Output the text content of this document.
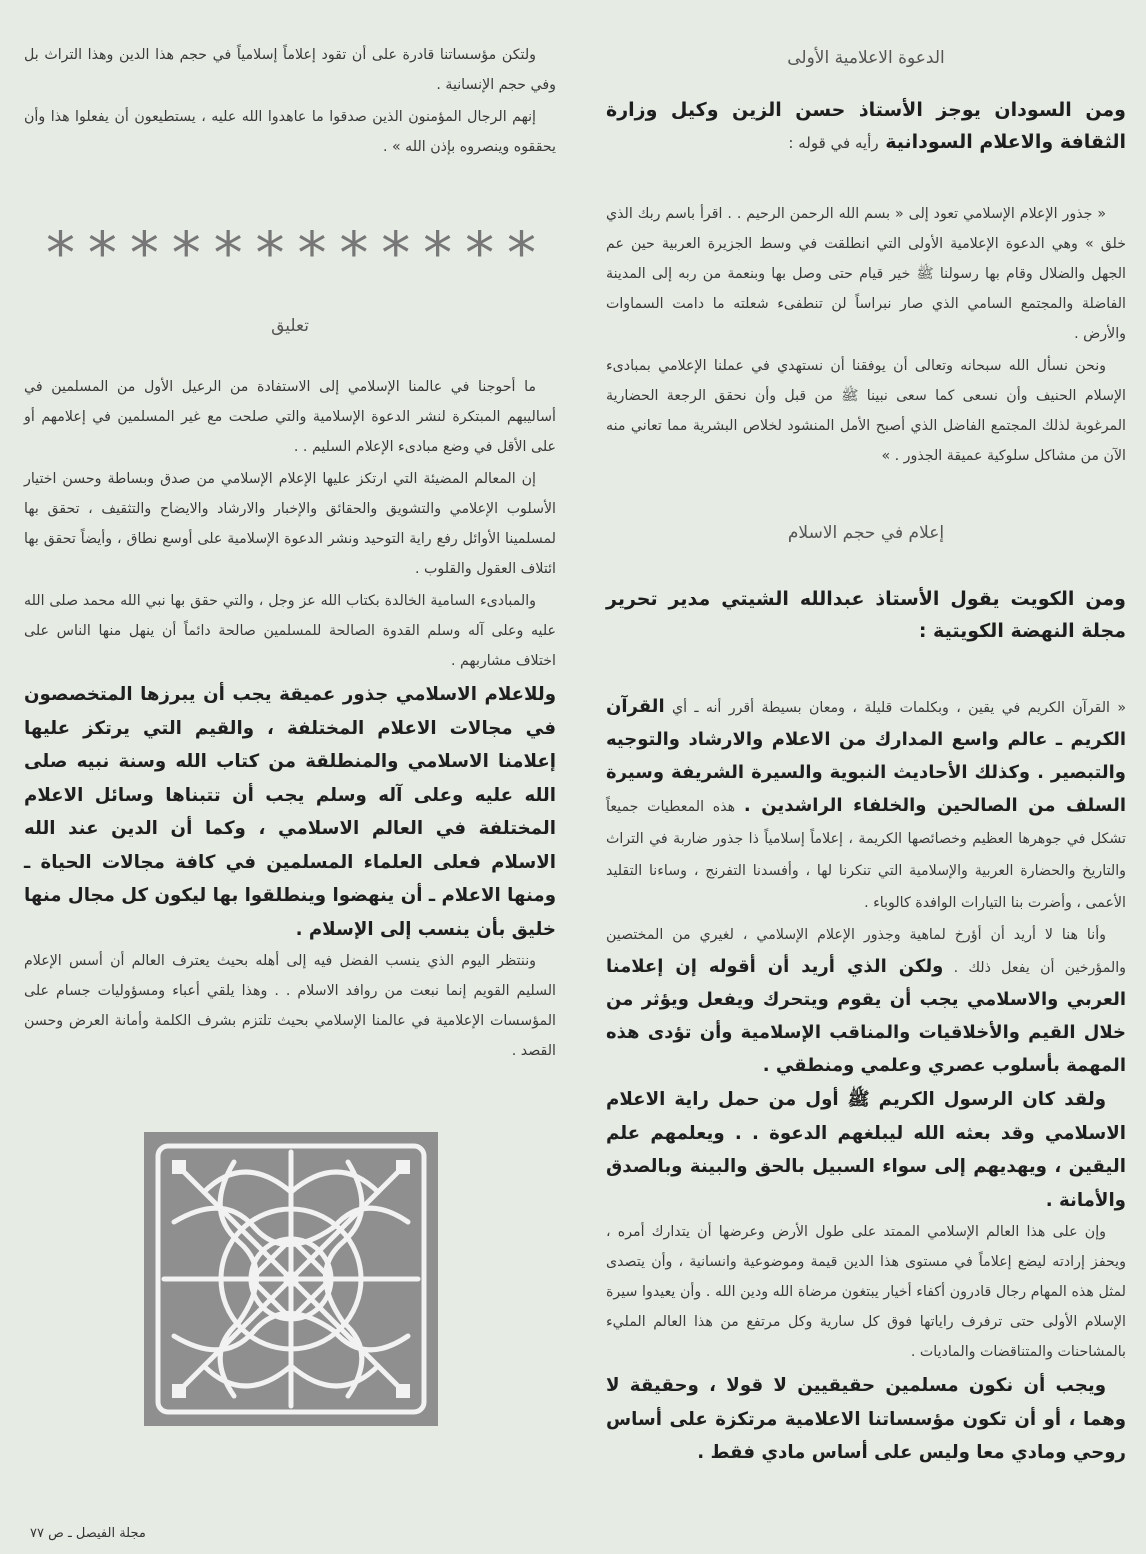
الدعوة الاعلامية الأولى
ومن السودان يوجز الأستاذ حسن الزين وكيل وزارة الثقافة والاعلام السودانية رأيه في قوله :

« جذور الإعلام الإسلامي تعود إلى « بسم الله الرحمن الرحيم . . اقرأ باسم ربك الذي خلق » وهي الدعوة الإعلامية الأولى التي انطلقت في وسط الجزيرة العربية حين عم الجهل والضلال وقام بها رسولنا ﷺ خير قيام حتى وصل بها وبنعمة من ربه إلى المدينة الفاضلة والمجتمع السامي الذي صار نبراساً لن تنطفىء شعلته ما دامت السماوات والأرض .

ونحن نسأل الله سبحانه وتعالى أن يوفقنا أن نستهدي في عملنا الإعلامي بمبادىء الإسلام الحنيف وأن نسعى كما سعى نبينا ﷺ من قبل وأن نحقق الرجعة الحضارية المرغوبة لذلك المجتمع الفاضل الذي أصبح الأمل المنشود لخلاص البشرية مما تعاني منه الآن من مشاكل سلوكية عميقة الجذور . »

إعلام في حجم الاسلام
ومن الكويت يقول الأستاذ عبدالله الشيتي مدير تحرير مجلة النهضة الكويتية :
« القرآن الكريم في يقين ، وبكلمات قليلة ، ومعان بسيطة أقرر أنه ـ أي القرآن الكريم ـ عالم واسع المدارك من الاعلام والارشاد والتوجيه والتبصير . وكذلك الأحاديث النبوية والسيرة الشريفة وسيرة السلف من الصالحين والخلفاء الراشدين . هذه المعطيات جميعاً تشكل في جوهرها العظيم وخصائصها الكريمة ، إعلاماً إسلامياً ذا جذور ضاربة في التراث والتاريخ والحضارة العربية والإسلامية التي تنكرنا لها ، وأفسدنا التفرنج ، وساءنا التقليد الأعمى ، وأضرت بنا التيارات الوافدة كالوباء .
وأنا هنا لا أريد أن أؤرخ لماهية وجذور الإعلام الإسلامي ، لغيري من المختصين والمؤرخين أن يفعل ذلك . ولكن الذي أريد أن أقوله إن إعلامنا العربي والاسلامي يجب أن يقوم ويتحرك ويفعل ويؤثر من خلال القيم والأخلاقيات والمناقب الإسلامية وأن تؤدى هذه المهمة بأسلوب عصري وعلمي ومنطقي .

ولقد كان الرسول الكريم ﷺ أول من حمل راية الاعلام الاسلامي وقد بعثه الله ليبلغهم الدعوة . . ويعلمهم علم اليقين ، ويهديهم إلى سواء السبيل بالحق والبينة وبالصدق والأمانة .

وإن على هذا العالم الإسلامي الممتد على طول الأرض وعرضها أن يتدارك أمره ، ويحفز إرادته ليضع إعلاماً في مستوى هذا الدين قيمة وموضوعية وانسانية ، وأن يتصدى لمثل هذه المهام رجال قادرون أكفاء أخيار يبتغون مرضاة الله ودين الله . وأن يعيدوا سيرة الإسلام الأولى حتى ترفرف راياتها فوق كل سارية وكل مرتفع من هذا العالم المليء بالمشاحنات والمتناقضات والماديات .

ويجب أن نكون مسلمين حقيقيين لا قولا ، وحقيقة لا وهما ، أو أن تكون مؤسساتنا الاعلامية مرتكزة على أساس روحي ومادي معا وليس على أساس مادي فقط .

ولتكن مؤسساتنا قادرة على أن تقود إعلاماً إسلامياً في حجم هذا الدين وهذا التراث بل وفي حجم الإنسانية .

إنهم الرجال المؤمنون الذين صدقوا ما عاهدوا الله عليه ، يستطيعون أن يفعلوا هذا وأن يحققوه وينصروه بإذن الله » .

* * * * * * * * * * * *
تعليق

ما أحوجنا في عالمنا الإسلامي إلى الاستفادة من الرعيل الأول من المسلمين في أساليبهم المبتكرة لنشر الدعوة الإسلامية والتي صلحت مع غير المسلمين في إعلامهم أو على الأقل في وضع مبادىء الإعلام السليم . .

إن المعالم المضيئة التي ارتكز عليها الإعلام الإسلامي من صدق وبساطة وحسن اختيار الأسلوب الإعلامي والتشويق والحقائق والإخبار والارشاد والايضاح والتثقيف ، تحقق بها لمسلمينا الأوائل رفع راية التوحيد ونشر الدعوة الإسلامية على أوسع نطاق ، وأيضاً تحقق بها ائتلاف العقول والقلوب .

والمبادىء السامية الخالدة بكتاب الله عز وجل ، والتي حقق بها نبي الله محمد صلى الله عليه وعلى آله وسلم القدوة الصالحة للمسلمين صالحة دائماً أن ينهل منها الناس على اختلاف مشاربهم .

وللاعلام الاسلامي جذور عميقة يجب أن يبرزها المتخصصون في مجالات الاعلام المختلفة ، والقيم التي يرتكز عليها إعلامنا الاسلامي والمنطلقة من كتاب الله وسنة نبيه صلى الله عليه وعلى آله وسلم يجب أن تتبناها وسائل الاعلام المختلفة في العالم الاسلامي ، وكما أن الدين عند الله الاسلام فعلى العلماء المسلمين في كافة مجالات الحياة ـ ومنها الاعلام ـ أن ينهضوا وينطلقوا بها ليكون كل مجال منها خليق بأن ينسب إلى الإسلام .

وننتظر اليوم الذي ينسب الفضل فيه إلى أهله بحيث يعترف العالم أن أسس الإعلام السليم القويم إنما نبعت من روافد الاسلام . . وهذا يلقي أعباء ومسؤوليات جسام على المؤسسات الإعلامية في عالمنا الإسلامي بحيث تلتزم بشرف الكلمة وأمانة العرض وحسن القصد .

مجلة الفيصل ـ ص ٧٧
